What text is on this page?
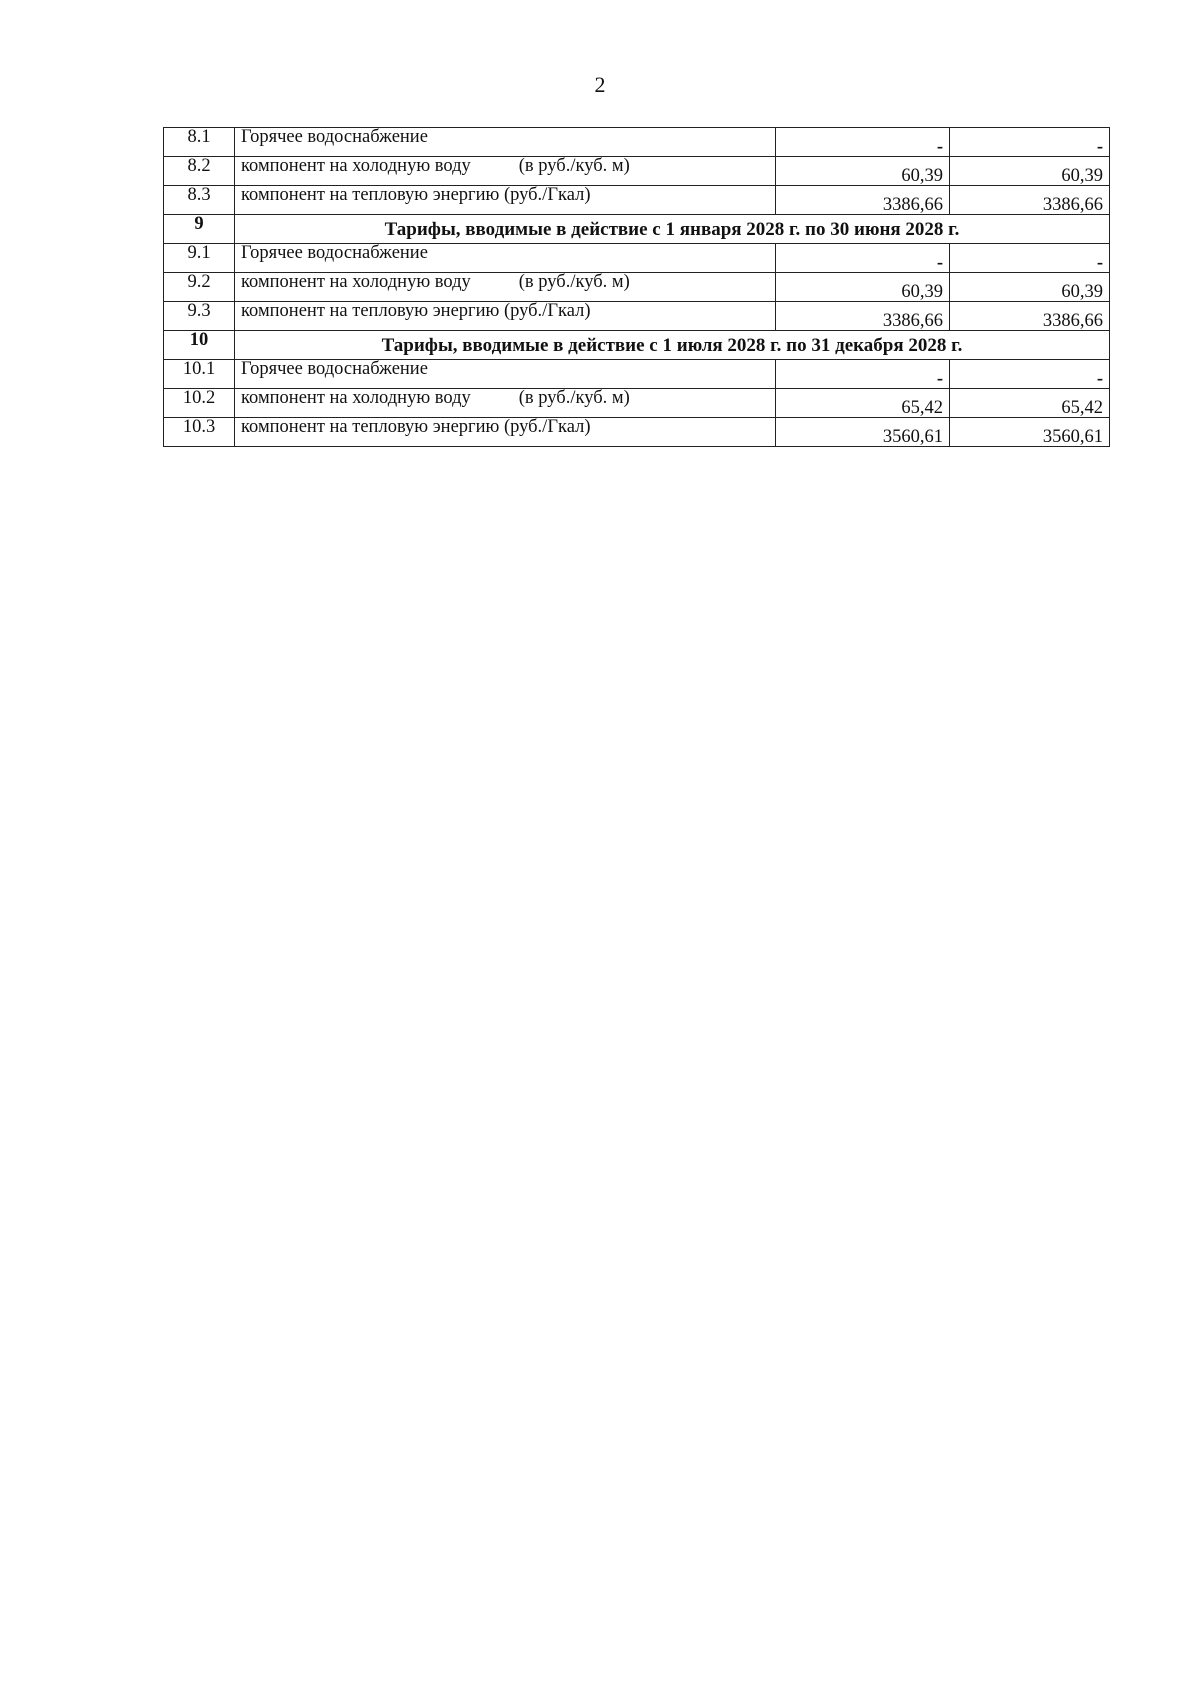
2
8.1	Горячее водоснабжение	-	-
8.2	компонент на холодную воду (в руб./куб. м)	60,39	60,39
8.3	компонент на тепловую энергию (руб./Гкал)	3386,66	3386,66
9	Тарифы, вводимые в действие с 1 января 2028 г. по 30 июня 2028 г.		
9.1	Горячее водоснабжение	-	-
9.2	компонент на холодную воду (в руб./куб. м)	60,39	60,39
9.3	компонент на тепловую энергию (руб./Гкал)	3386,66	3386,66
10	Тарифы, вводимые в действие с 1 июля 2028 г. по 31 декабря 2028 г.		
10.1	Горячее водоснабжение	-	-
10.2	компонент на холодную воду (в руб./куб. м)	65,42	65,42
10.3	компонент на тепловую энергию (руб./Гкал)	3560,61	3560,61
